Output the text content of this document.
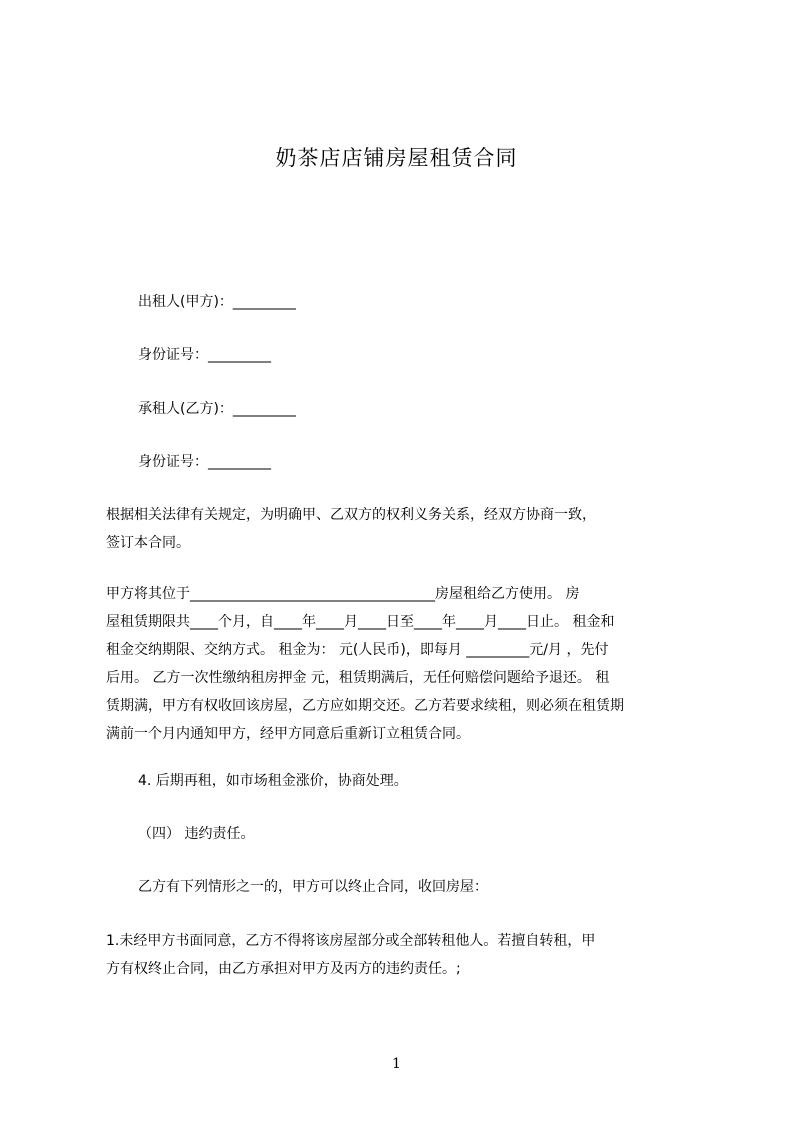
奶茶店店铺房屋租赁合同
出租人(甲方)：_________
身份证号：_________
承租人(乙方)：_________
身份证号：_________

根据相关法律有关规定，为明确甲、乙双方的权利义务关系，经双方协商一致，
签订本合同。

甲方将其位于___________________________________房屋租给乙方使用。 房
屋租赁期限共____个月，自____年____月____日至____年____月____日止。 租金和
租金交纳期限、交纳方式。 租金为： 元(人民币)，即每月 _________元/月 ，先付
后用。 乙方一次性缴纳租房押金 元，租赁期满后，无任何赔偿问题给予退还。 租
赁期满，甲方有权收回该房屋，乙方应如期交还。乙方若要求续租，则必须在租赁期
满前一个月内通知甲方，经甲方同意后重新订立租赁合同。

4. 后期再租，如市场租金涨价，协商处理。
（四） 违约责任。
乙方有下列情形之一的，甲方可以终止合同，收回房屋：

1.未经甲方书面同意，乙方不得将该房屋部分或全部转租他人。若擅自转租，甲
方有权终止合同，由乙方承担对甲方及丙方的违约责任。;

1
